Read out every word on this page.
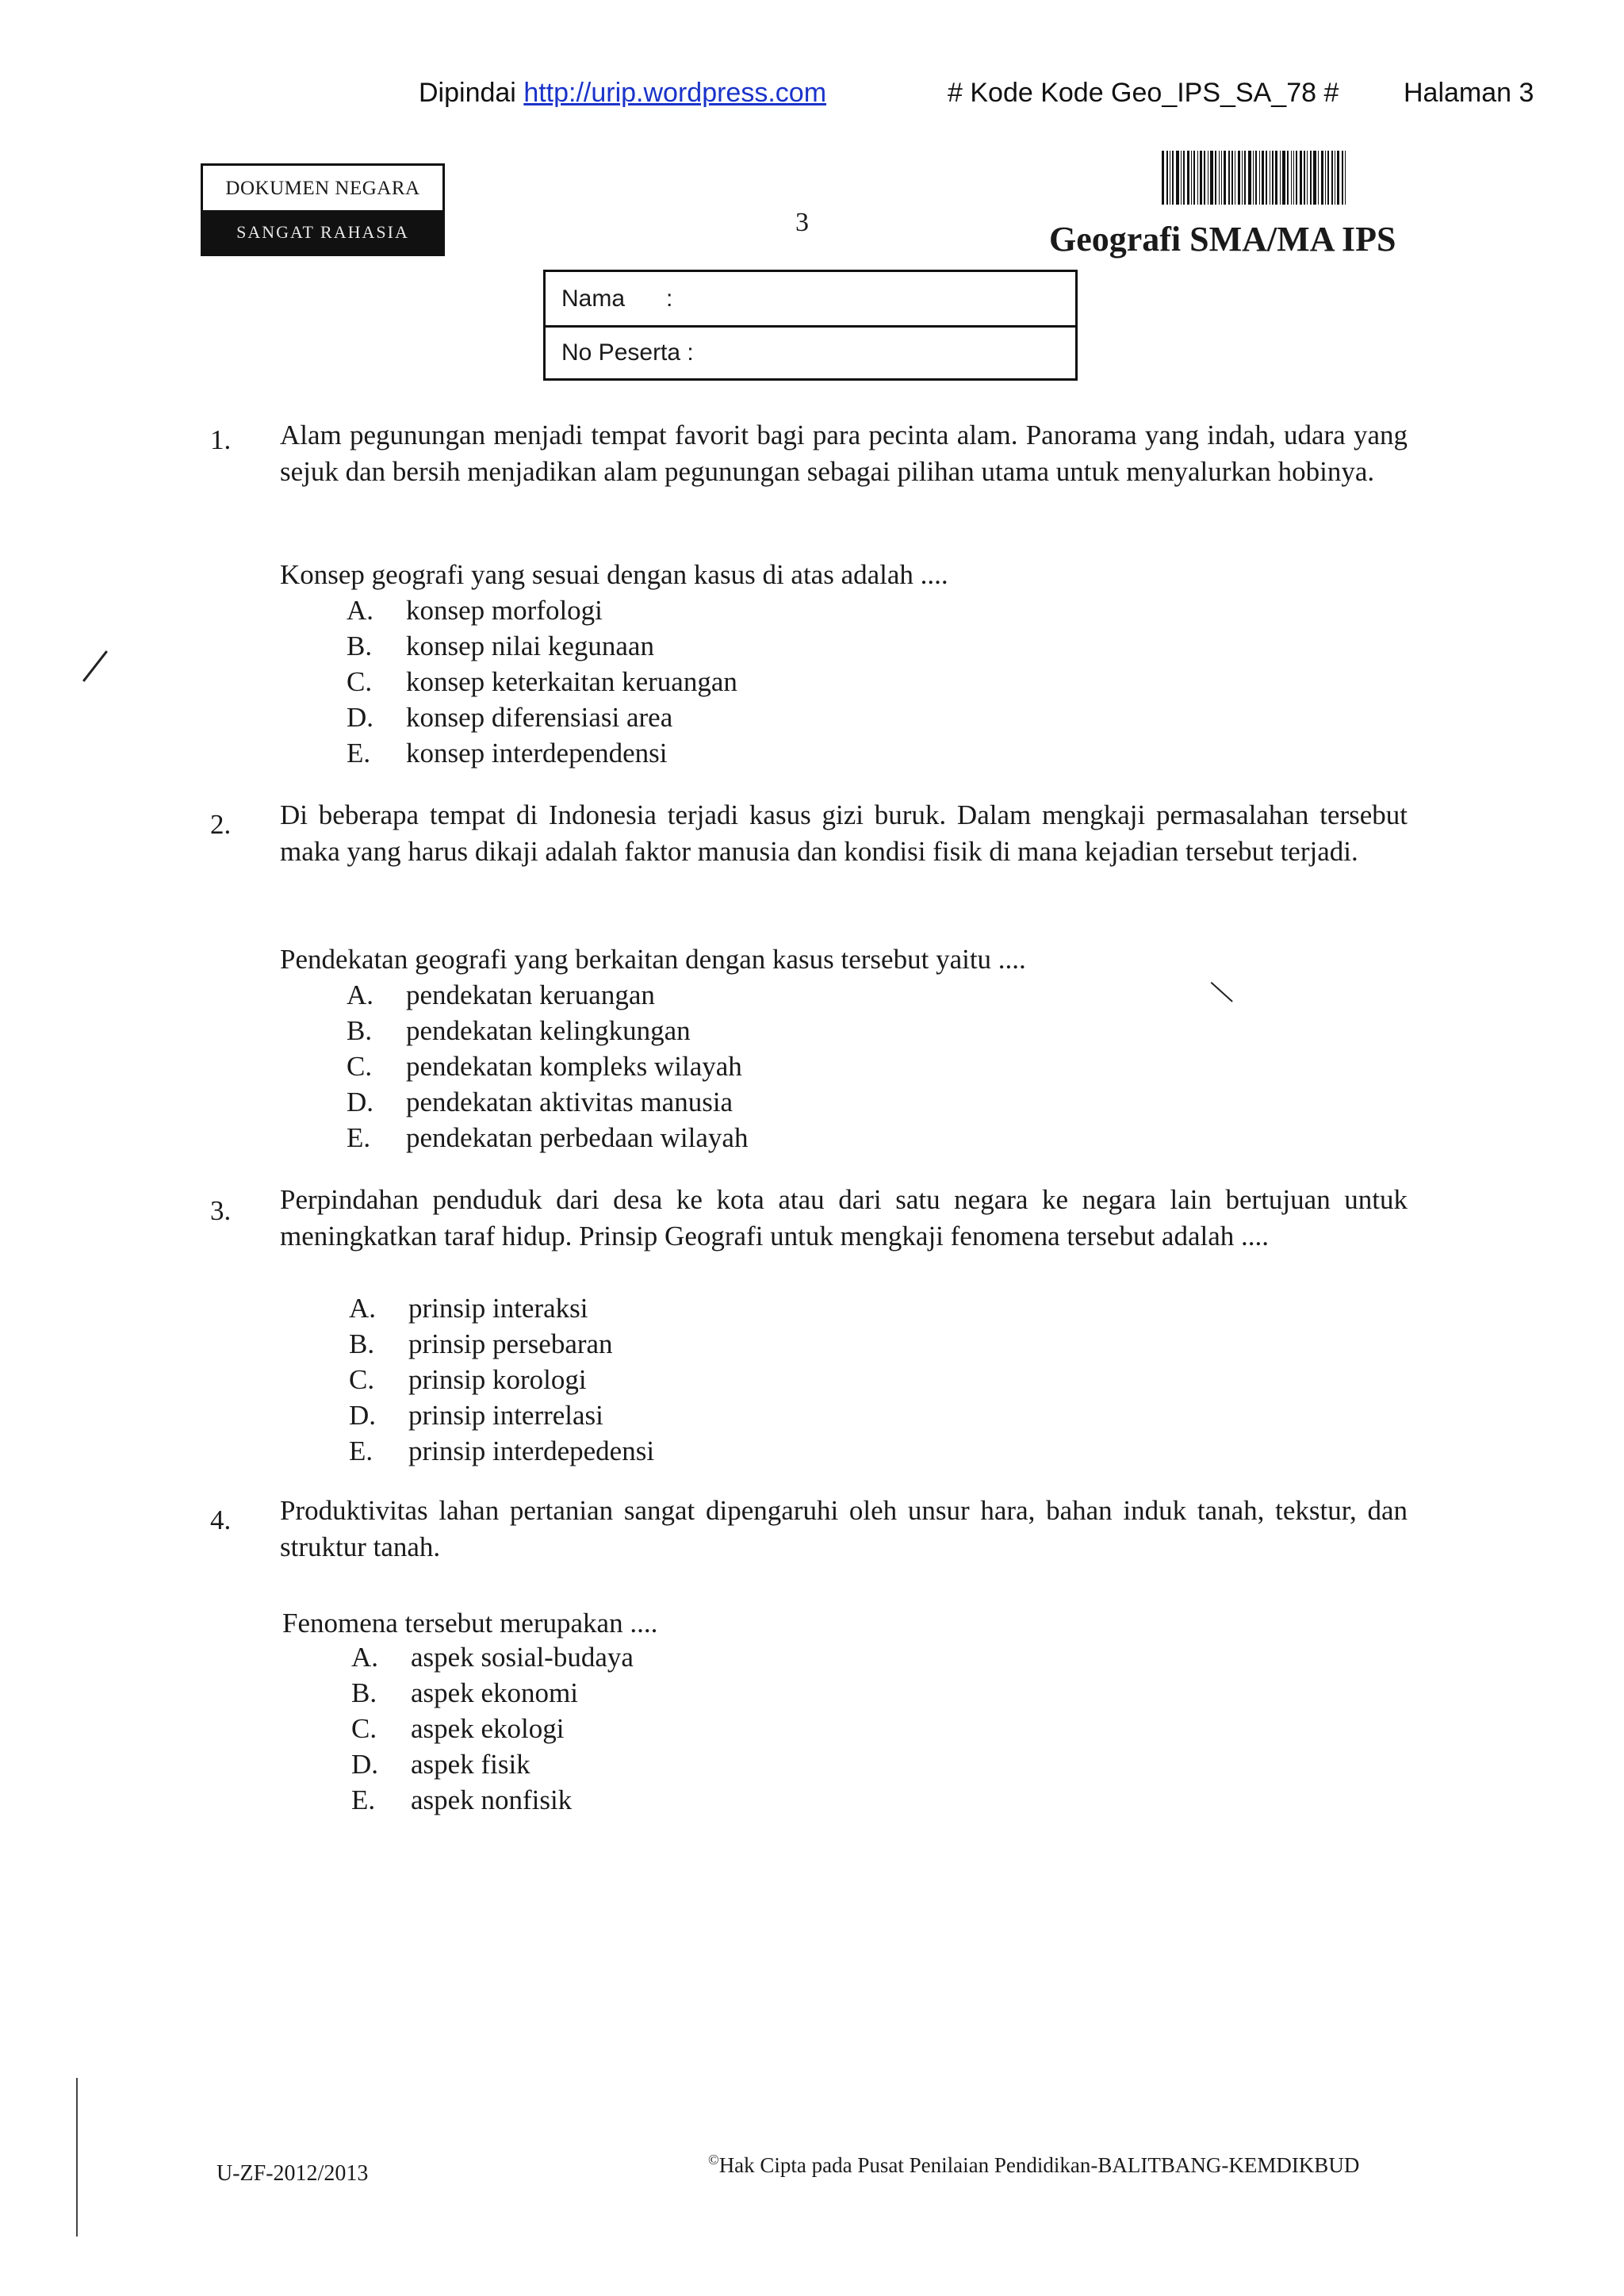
Dipindai http://urip.wordpress.com	# Kode Kode Geo_IPS_SA_78 # Halaman 3
DOKUMEN NEGARA
SANGAT RAHASIA	3	Geografi SMA/MA IPS
Nama :
No Peserta :
1. Alam pegunungan menjadi tempat favorit bagi para pecinta alam. Panorama yang indah, udara yang sejuk dan bersih menjadikan alam pegunungan sebagai pilihan utama untuk menyalurkan hobinya.
Konsep geografi yang sesuai dengan kasus di atas adalah ....
A. konsep morfologi
B. konsep nilai kegunaan
C. konsep keterkaitan keruangan
D. konsep diferensiasi area
E. konsep interdependensi
2. Di beberapa tempat di Indonesia terjadi kasus gizi buruk. Dalam mengkaji permasalahan tersebut maka yang harus dikaji adalah faktor manusia dan kondisi fisik di mana kejadian tersebut terjadi.
Pendekatan geografi yang berkaitan dengan kasus tersebut yaitu ....
A. pendekatan keruangan
B. pendekatan kelingkungan
C. pendekatan kompleks wilayah
D. pendekatan aktivitas manusia
E. pendekatan perbedaan wilayah
3. Perpindahan penduduk dari desa ke kota atau dari satu negara ke negara lain bertujuan untuk meningkatkan taraf hidup. Prinsip Geografi untuk mengkaji fenomena tersebut adalah ....
A. prinsip interaksi
B. prinsip persebaran
C. prinsip korologi
D. prinsip interrelasi
E. prinsip interdepedensi
4. Produktivitas lahan pertanian sangat dipengaruhi oleh unsur hara, bahan induk tanah, tekstur, dan struktur tanah.
Fenomena tersebut merupakan ....
A. aspek sosial-budaya
B. aspek ekonomi
C. aspek ekologi
D. aspek fisik
E. aspek nonfisik
U-ZF-2012/2013
©Hak Cipta pada Pusat Penilaian Pendidikan-BALITBANG-KEMDIKBUD
